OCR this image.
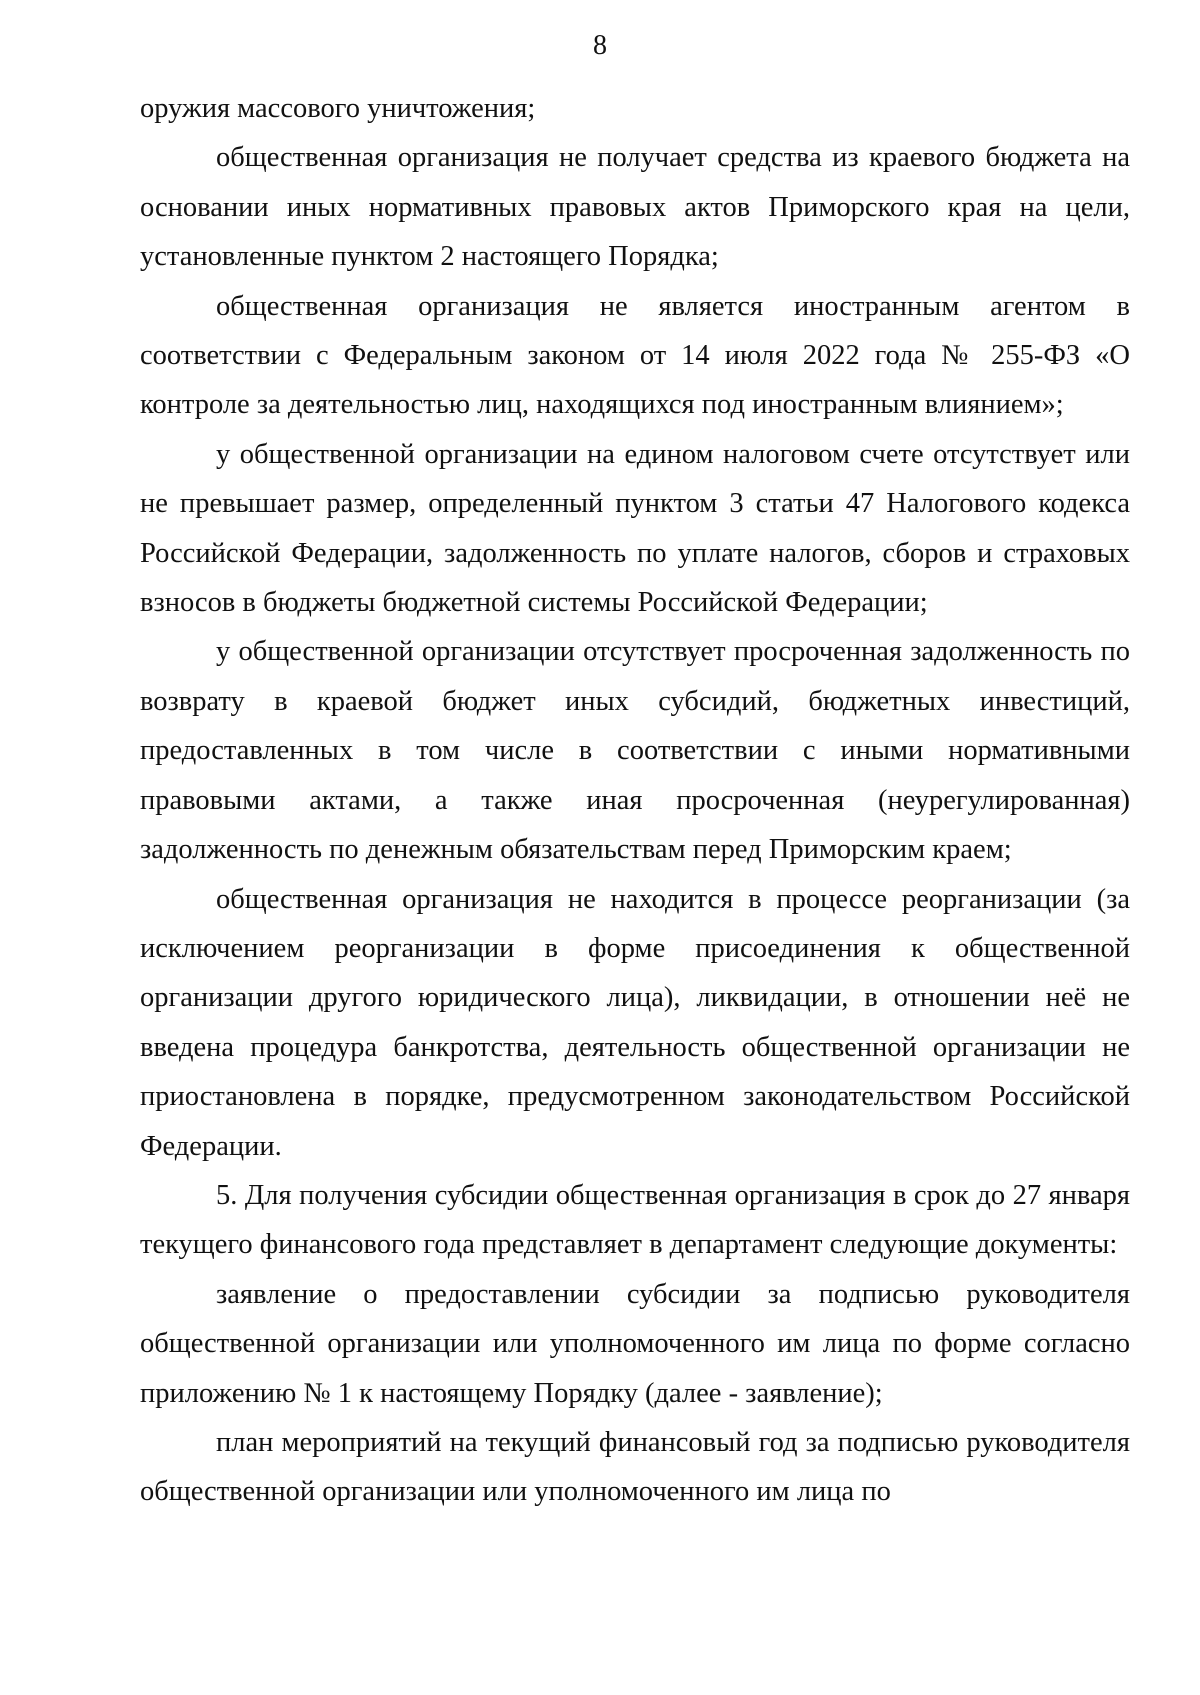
8

оружия массового уничтожения;

общественная организация не получает средства из краевого бюджета на основании иных нормативных правовых актов Приморского края на цели, установленные пунктом 2 настоящего Порядка;

общественная организация не является иностранным агентом в соответствии с Федеральным законом от 14 июля 2022 года № 255-ФЗ «О контроле за деятельностью лиц, находящихся под иностранным влиянием»;

у общественной организации на едином налоговом счете отсутствует или не превышает размер, определенный пунктом 3 статьи 47 Налогового кодекса Российской Федерации, задолженность по уплате налогов, сборов и страховых взносов в бюджеты бюджетной системы Российской Федерации;

у общественной организации отсутствует просроченная задолженность по возврату в краевой бюджет иных субсидий, бюджетных инвестиций, предоставленных в том числе в соответствии с иными нормативными правовыми актами, а также иная просроченная (неурегулированная) задолженность по денежным обязательствам перед Приморским краем;

общественная организация не находится в процессе реорганизации (за исключением реорганизации в форме присоединения к общественной организации другого юридического лица), ликвидации, в отношении неё не введена процедура банкротства, деятельность общественной организации не приостановлена в порядке, предусмотренном законодательством Российской Федерации.

5. Для получения субсидии общественная организация в срок до 27 января текущего финансового года представляет в департамент следующие документы:

заявление о предоставлении субсидии за подписью руководителя общественной организации или уполномоченного им лица по форме согласно приложению № 1 к настоящему Порядку (далее - заявление);

план мероприятий на текущий финансовый год за подписью руководителя общественной организации или уполномоченного им лица по
